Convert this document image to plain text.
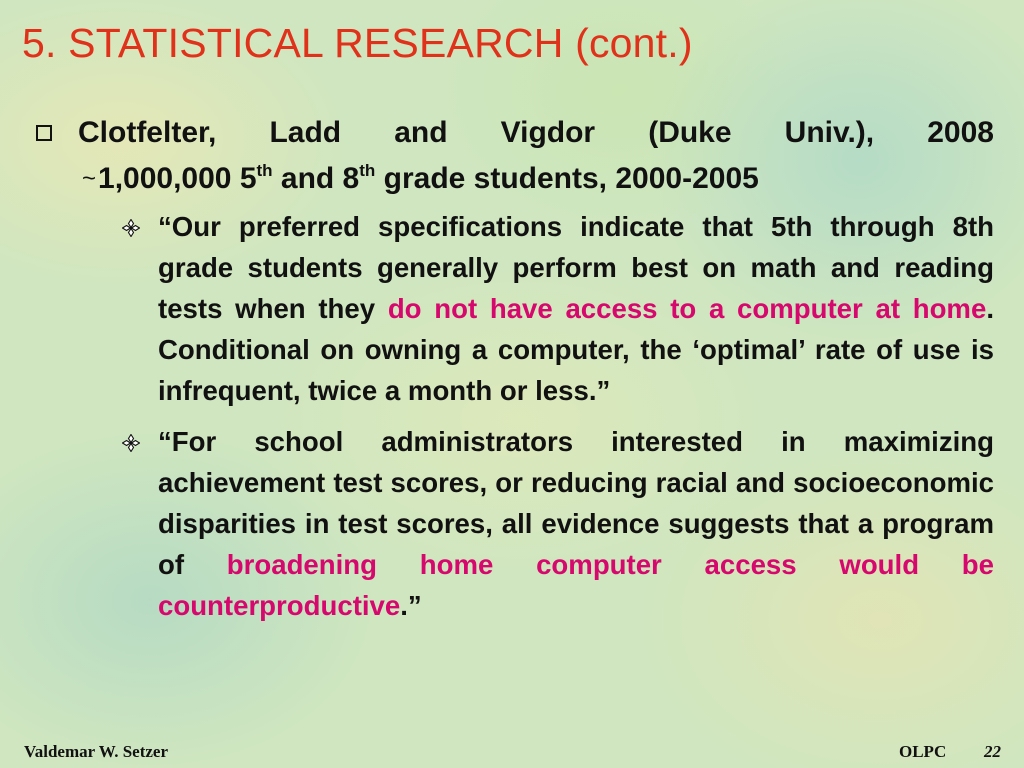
5. STATISTICAL RESEARCH (cont.)
Clotfelter, Ladd and Vigdor (Duke Univ.), 2008
~1,000,000 5th and 8th grade students, 2000-2005
“Our preferred specifications indicate that 5th through 8th grade students generally perform best on math and reading tests when they do not have access to a computer at home. Conditional on owning a computer, the ‘optimal’ rate of use is infrequent, twice a month or less.”
“For school administrators interested in maximizing achievement test scores, or reducing racial and socioeconomic disparities in test scores, all evidence suggests that a program of broadening home computer access would be counterproductive.”
Valdemar W. Setzer	OLPC 22
